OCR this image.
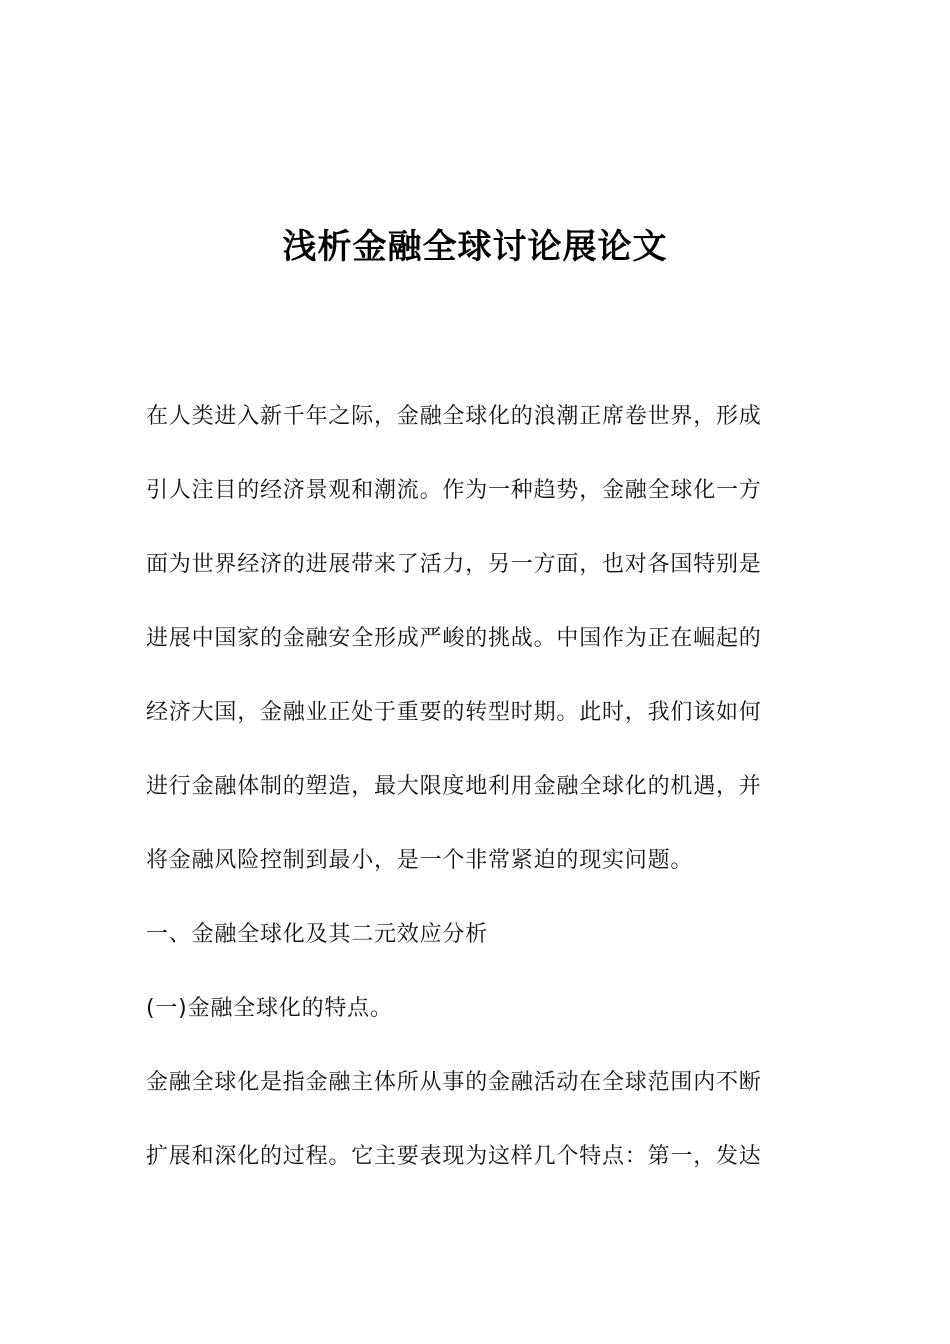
浅析金融全球讨论展论文
在人类进入新千年之际，金融全球化的浪潮正席卷世界，形成
引人注目的经济景观和潮流。作为一种趋势，金融全球化一方
面为世界经济的进展带来了活力，另一方面，也对各国特别是
进展中国家的金融安全形成严峻的挑战。中国作为正在崛起的
经济大国，金融业正处于重要的转型时期。此时，我们该如何
进行金融体制的塑造，最大限度地利用金融全球化的机遇，并
将金融风险控制到最小，是一个非常紧迫的现实问题。
一、金融全球化及其二元效应分析
(一)金融全球化的特点。
金融全球化是指金融主体所从事的金融活动在全球范围内不断
扩展和深化的过程。它主要表现为这样几个特点：第一，发达
